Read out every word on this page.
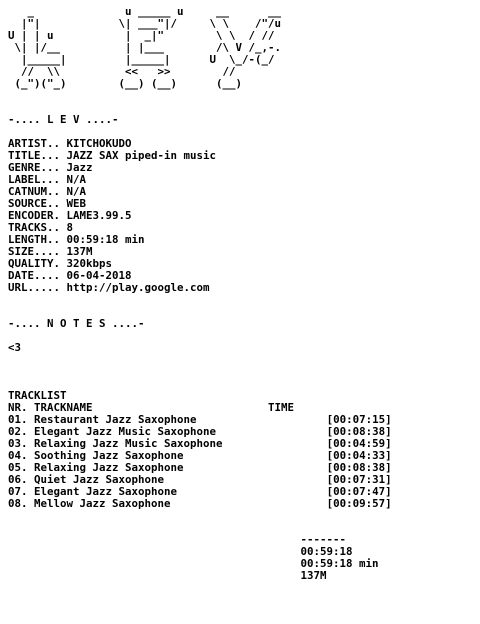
_              u _____ u     __      __
|"|            \| ___"|/     \ \    /"/u
U | | u           |  _|"        \ \  / //
\| |/__          | |___        /\ V /_,-.
|_____|         |_____|      U  \_/-(_/
//  \\          <<   >>        //
(_")("_)        (__) (__)      (__)
-.... L E V ....-
ARTIST.. KITCHOKUDO
TITLE... JAZZ SAX piped-in music
GENRE... Jazz
LABEL... N/A
CATNUM.. N/A
SOURCE.. WEB
ENCODER. LAME3.99.5
TRACKS.. 8
LENGTH.. 00:59:18 min
SIZE.... 137M
QUALITY. 320kbps
DATE.... 06-04-2018
URL..... http://play.google.com
-.... N O T E S ....-
<3
TRACKLIST
NR. TRACKNAME	TIME
01. Restaurant Jazz Saxophone	[00:07:15]
02. Elegant Jazz Music Saxophone	[00:08:38]
03. Relaxing Jazz Music Saxophone	[00:04:59]
04. Soothing Jazz Saxophone	[00:04:33]
05. Relaxing Jazz Saxophone	[00:08:38]
06. Quiet Jazz Saxophone	[00:07:31]
07. Elegant Jazz Saxophone	[00:07:47]
08. Mellow Jazz Saxophone	[00:09:57]
-------
00:59:18
00:59:18 min
137M
